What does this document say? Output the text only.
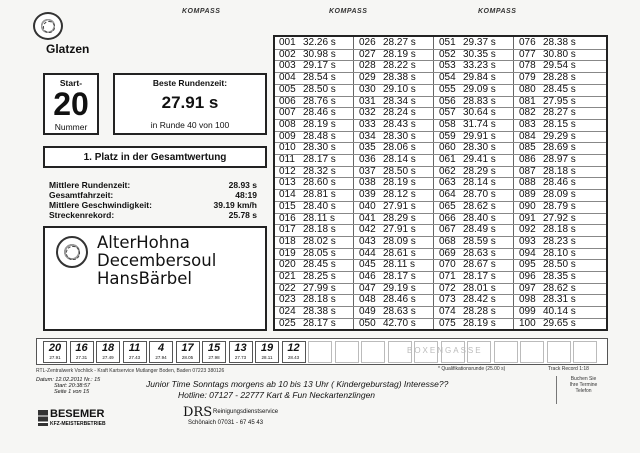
KOMPASS	KOMPASS	KOMPASS
Glatzen
Start-
20
Nummer
Beste Rundenzeit:
27.91 s
in Runde 40 von 100
1. Platz in der Gesamtwertung
Mittlere Rundenzeit:	28.93 s
Gesamtfahrzeit:	48:19
Mittlere Geschwindigkeit:	39.19 km/h
Streckenrekord:	25.78 s
AlterHohna
Decembersoul
HansBärbel
001 32.26 s
002 30.98 s
003 29.17 s
004 28.54 s
005 28.50 s
006 28.76 s
007 28.46 s
008 28.19 s
009 28.48 s
010 28.30 s
011 28.17 s
012 28.32 s
013 28.60 s
014 28.81 s
015 28.40 s
016 28.11 s
017 28.18 s
018 28.02 s
019 28.05 s
020 28.45 s
021 28.25 s
022 27.99 s
023 28.18 s
024 28.38 s
025 28.17 s
026 28.27 s
027 28.19 s
028 28.22 s
029 28.38 s
030 29.10 s
031 28.34 s
032 28.24 s
033 28.43 s
034 28.30 s
035 28.06 s
036 28.14 s
037 28.50 s
038 28.19 s
039 28.12 s
040 27.91 s
041 28.29 s
042 27.91 s
043 28.09 s
044 28.61 s
045 28.11 s
046 28.17 s
047 29.19 s
048 28.46 s
049 28.63 s
050 42.70 s
051 29.37 s
052 30.35 s
053 33.23 s
054 29.84 s
055 29.09 s
056 28.83 s
057 30.64 s
058 31.74 s
059 29.91 s
060 28.30 s
061 29.41 s
062 28.29 s
063 28.14 s
064 28.70 s
065 28.62 s
066 28.40 s
067 28.49 s
068 28.59 s
069 28.63 s
070 28.67 s
071 28.17 s
072 28.01 s
073 28.42 s
074 28.28 s
075 28.19 s
076 28.38 s
077 30.80 s
078 29.54 s
079 28.28 s
080 28.45 s
081 27.95 s
082 28.27 s
083 28.15 s
084 29.29 s
085 28.69 s
086 28.97 s
087 28.18 s
088 28.46 s
089 28.09 s
090 28.79 s
091 27.92 s
092 28.18 s
093 28.23 s
094 28.10 s
095 28.50 s
096 28.35 s
097 28.62 s
098 28.31 s
099 40.14 s
100 29.65 s
BOXENGASSE
20
27.91
16
27.31
18
27.49
11
27.43
4
27.94
17
28.05
15
27.98
13
27.73
19
28.11
12
28.43
* Qualifikationsrunde (25.00 s)	Track Record 1:18
Datum: 12.02.2011 Nr.: 15
Start: 20:38:57
Seite 1 von 15
RTL-Zentralwerk Vochlick - Kraft Kartservice Mutlanger Boden, Baden 07223 380126
Junior Time Sonntags morgens ab 10 bis 13 Uhr ( Kindergeburstag) Interesse??
Hotline: 07127 - 22777 Kart & Fun Neckartenzlingen
Buchen Sie
Ihre Termine
Telefon
BESEMER
KFZ-MEISTERBETRIEB
DRS Reinigungsdienstservice
Schönaich 07031 - 67 45 43
